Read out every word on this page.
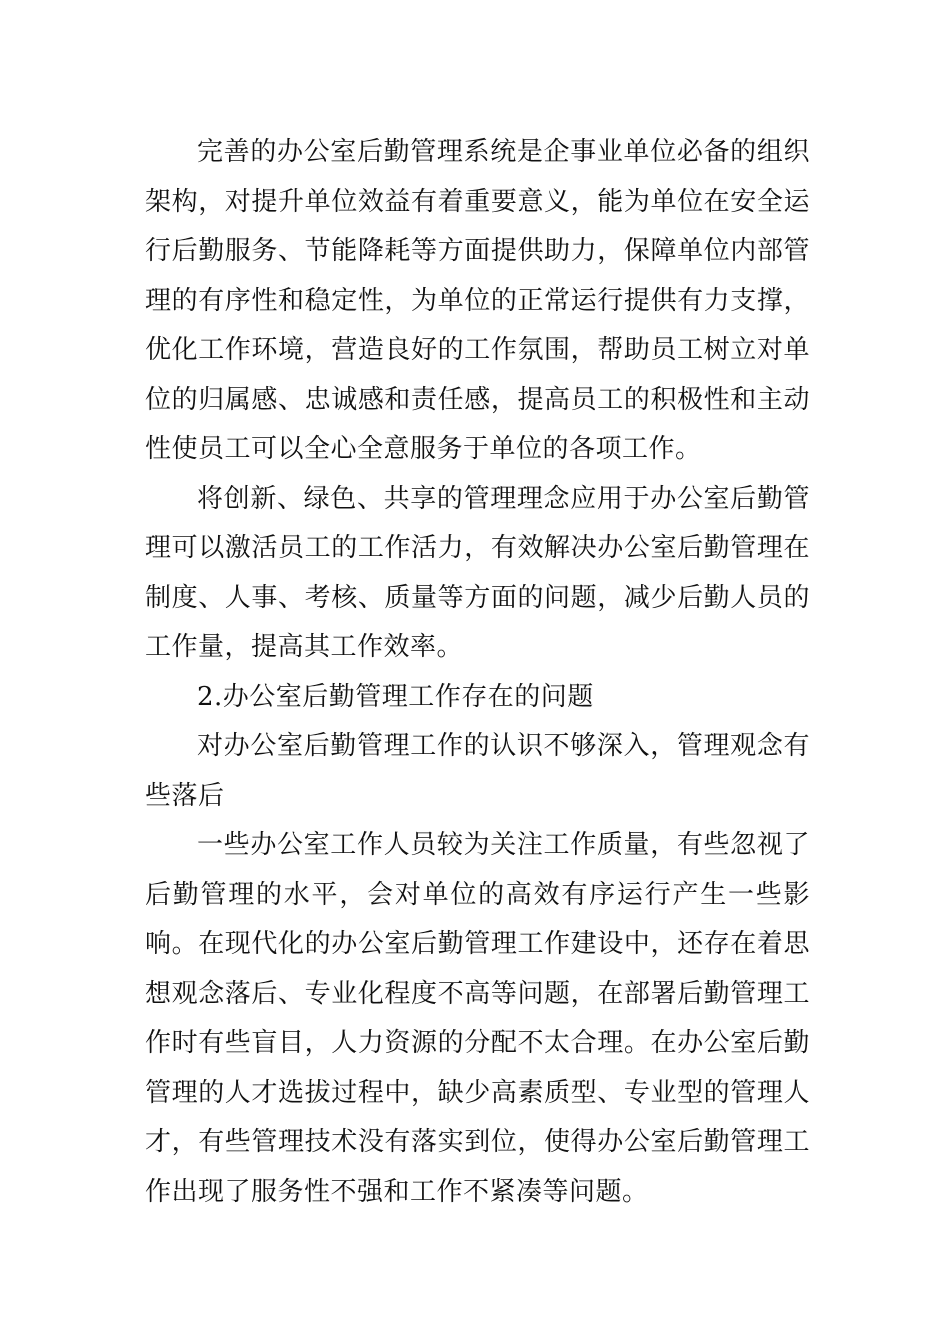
完善的办公室后勤管理系统是企事业单位必备的组织架构，对提升单位效益有着重要意义，能为单位在安全运行后勤服务、节能降耗等方面提供助力，保障单位内部管理的有序性和稳定性，为单位的正常运行提供有力支撑，优化工作环境，营造良好的工作氛围，帮助员工树立对单位的归属感、忠诚感和责任感，提高员工的积极性和主动性使员工可以全心全意服务于单位的各项工作。

将创新、绿色、共享的管理理念应用于办公室后勤管理可以激活员工的工作活力，有效解决办公室后勤管理在制度、人事、考核、质量等方面的问题，减少后勤人员的工作量，提高其工作效率。

2.办公室后勤管理工作存在的问题

对办公室后勤管理工作的认识不够深入，管理观念有些落后

一些办公室工作人员较为关注工作质量，有些忽视了后勤管理的水平，会对单位的高效有序运行产生一些影响。在现代化的办公室后勤管理工作建设中，还存在着思想观念落后、专业化程度不高等问题，在部署后勤管理工作时有些盲目，人力资源的分配不太合理。在办公室后勤管理的人才选拔过程中，缺少高素质型、专业型的管理人才，有些管理技术没有落实到位，使得办公室后勤管理工作出现了服务性不强和工作不紧凑等问题。
